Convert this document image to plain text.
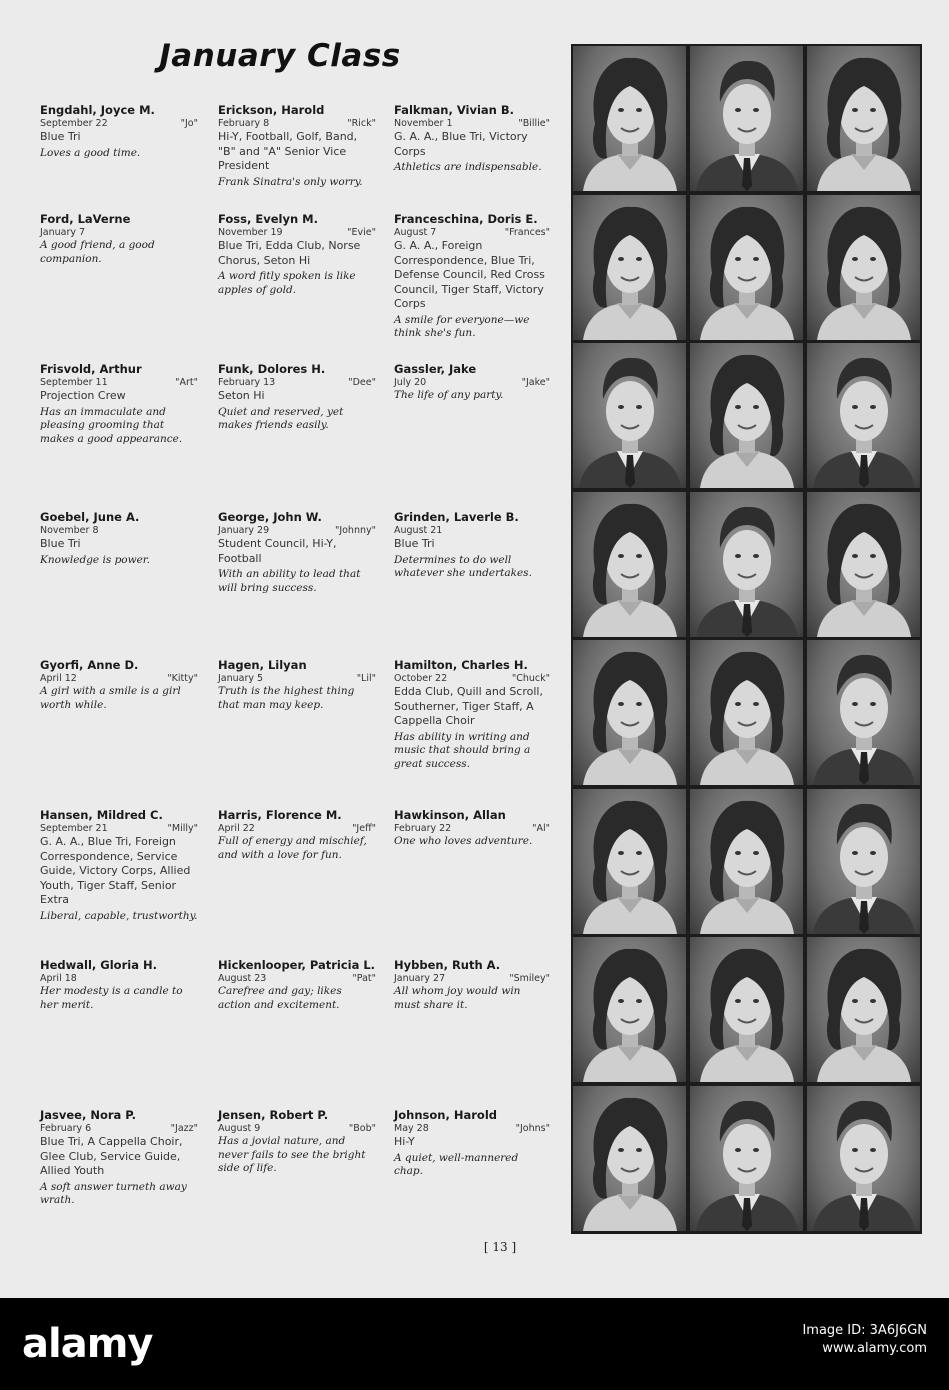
January Class
Engdahl, Joyce M.
September 22	"Jo"
Blue Tri
Loves a good time.
Erickson, Harold
February 8	"Rick"
Hi-Y, Football, Golf, Band, "B" and "A" Senior Vice President
Frank Sinatra's only worry.
Falkman, Vivian B.
November 1	"Billie"
G. A. A., Blue Tri, Victory Corps
Athletics are indispensable.
Ford, LaVerne
January 7
A good friend, a good companion.
Foss, Evelyn M.
November 19	"Evie"
Blue Tri, Edda Club, Norse Chorus, Seton Hi
A word fitly spoken is like apples of gold.
Franceschina, Doris E.
August 7	"Frances"
G. A. A., Foreign Correspondence, Blue Tri, Defense Council, Red Cross Council, Tiger Staff, Victory Corps
A smile for everyone—we think she's fun.
Frisvold, Arthur
September 11	"Art"
Projection Crew
Has an immaculate and pleasing grooming that makes a good appearance.
Funk, Dolores H.
February 13	"Dee"
Seton Hi
Quiet and reserved, yet makes friends easily.
Gassler, Jake
July 20	"Jake"
The life of any party.
Goebel, June A.
November 8
Blue Tri
Knowledge is power.
George, John W.
January 29	"Johnny"
Student Council, Hi-Y, Football
With an ability to lead that will bring success.
Grinden, Laverle B.
August 21
Blue Tri
Determines to do well whatever she undertakes.
Gyorfi, Anne D.
April 12	"Kitty"
A girl with a smile is a girl worth while.
Hagen, Lilyan
January 5	"Lil"
Truth is the highest thing that man may keep.
Hamilton, Charles H.
October 22	"Chuck"
Edda Club, Quill and Scroll, Southerner, Tiger Staff, A Cappella Choir
Has ability in writing and music that should bring a great success.
Hansen, Mildred C.
September 21	"Milly"
G. A. A., Blue Tri, Foreign Correspondence, Service Guide, Victory Corps, Allied Youth, Tiger Staff, Senior Extra
Liberal, capable, trustworthy.
Harris, Florence M.
April 22	"Jeff"
Full of energy and mischief, and with a love for fun.
Hawkinson, Allan
February 22	"Al"
One who loves adventure.
Hedwall, Gloria H.
April 18
Her modesty is a candle to her merit.
Hickenlooper, Patricia L.
August 23	"Pat"
Carefree and gay; likes action and excitement.
Hybben, Ruth A.
January 27	"Smiley"
All whom joy would win must share it.
Jasvee, Nora P.
February 6	"Jazz"
Blue Tri, A Cappella Choir, Glee Club, Service Guide, Allied Youth
A soft answer turneth away wrath.
Jensen, Robert P.
August 9	"Bob"
Has a jovial nature, and never fails to see the bright side of life.
Johnson, Harold
May 28	"Johns"
Hi-Y
A quiet, well-mannered chap.
[ 13 ]
alamy	Image ID: 3A6J6GN
www.alamy.com
